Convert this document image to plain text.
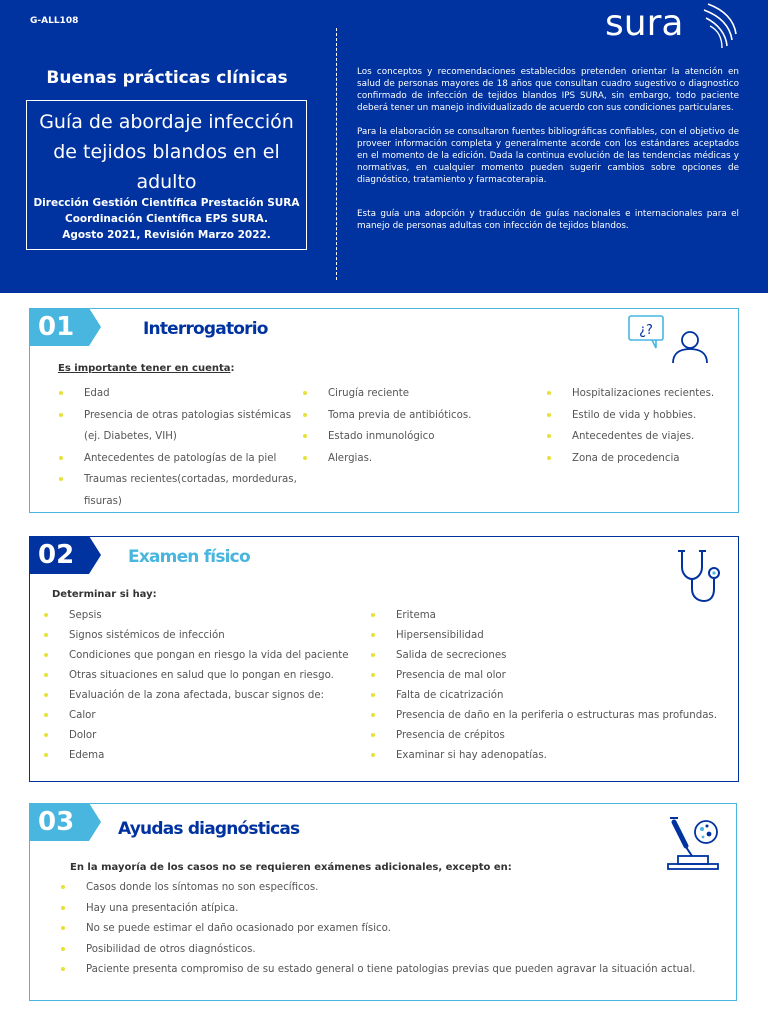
G-ALL108	sura
Buenas prácticas clínicas
Guía de abordaje infección de tejidos blandos en el adulto
Dirección Gestión Científica Prestación SURA
Coordinación Científica EPS SURA.
Agosto 2021, Revisión Marzo 2022.

Los conceptos y recomendaciones establecidos pretenden orientar la atención en salud de personas mayores de 18 años que consultan cuadro sugestivo o diagnostico confirmado de infección de tejidos blandos IPS SURA, sin embargo, todo paciente deberá tener un manejo individualizado de acuerdo con sus condiciones particulares.

Para la elaboración se consultaron fuentes bibliográficas confiables, con el objetivo de proveer información completa y generalmente acorde con los estándares aceptados en el momento de la edición. Dada la continua evolución de las tendencias médicas y normativas, en cualquier momento pueden sugerir cambios sobre opciones de diagnóstico, tratamiento y farmacoterapia.

Esta guía una adopción y traducción de guías nacionales e internacionales para el manejo de personas adultas con infección de tejidos blandos.

01	Interrogatorio	¿?
Es importante tener en cuenta:
Edad
Presencia de otras patologias sistémicas
(ej. Diabetes, VIH)
Antecedentes de patologías de la piel
Traumas recientes(cortadas, mordeduras,
fisuras)
Cirugía reciente
Toma previa de antibióticos.
Estado inmunológico
Alergias.
Hospitalizaciones recientes.
Estilo de vida y hobbies.
Antecedentes de viajes.
Zona de procedencia
02	Examen físico
Determinar si hay:
Sepsis
Signos sistémicos de infección
Condiciones que pongan en riesgo la vida del paciente
Otras situaciones en salud que lo pongan en riesgo.
Evaluación de la zona afectada, buscar signos de:
Calor
Dolor
Edema
Eritema
Hipersensibilidad
Salida de secreciones
Presencia de mal olor
Falta de cicatrización
Presencia de daño en la periferia o estructuras mas profundas.
Presencia de crépitos
Examinar si hay adenopatías.
03	Ayudas diagnósticas
En la mayoría de los casos no se requieren exámenes adicionales, excepto en:
Casos donde los síntomas no son específicos.
Hay una presentación atípica.
No se puede estimar el daño ocasionado por examen físico.
Posibilidad de otros diagnósticos.
Paciente presenta compromiso de su estado general o tiene patologias previas que pueden agravar la situación actual.
